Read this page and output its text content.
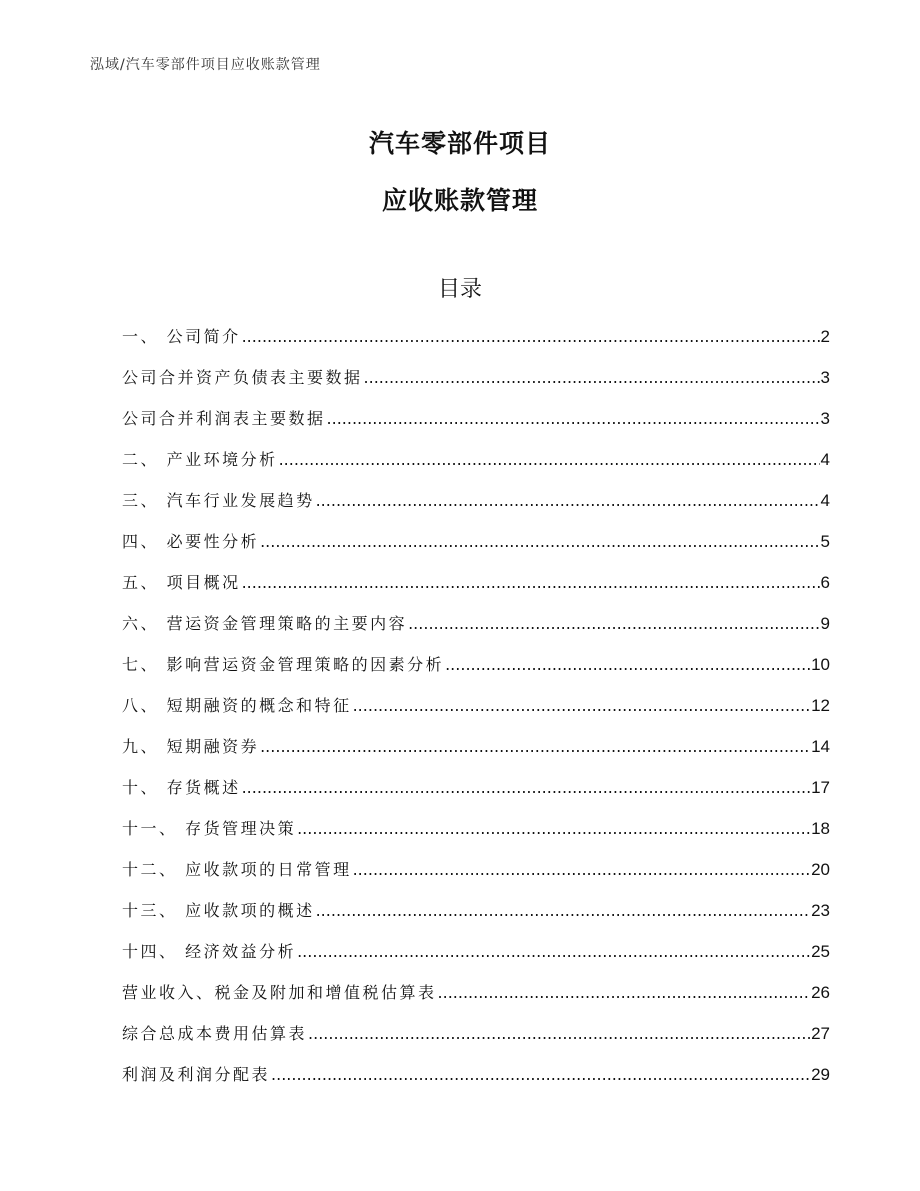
泓域/汽车零部件项目应收账款管理
汽车零部件项目
应收账款管理
目录
一、 公司简介 .....	2
公司合并资产负债表主要数据 .....	3
公司合并利润表主要数据 .....	3
二、 产业环境分析 .....	4
三、 汽车行业发展趋势 .....	4
四、 必要性分析 .....	5
五、 项目概况 .....	6
六、 营运资金管理策略的主要内容 .....	9
七、 影响营运资金管理策略的因素分析 .....	10
八、 短期融资的概念和特征 .....	12
九、 短期融资券 .....	14
十、 存货概述 .....	17
十一、 存货管理决策 .....	18
十二、 应收款项的日常管理 .....	20
十三、 应收款项的概述 .....	23
十四、 经济效益分析 .....	25
营业收入、税金及附加和增值税估算表 .....	26
综合总成本费用估算表 .....	27
利润及利润分配表 .....	29
